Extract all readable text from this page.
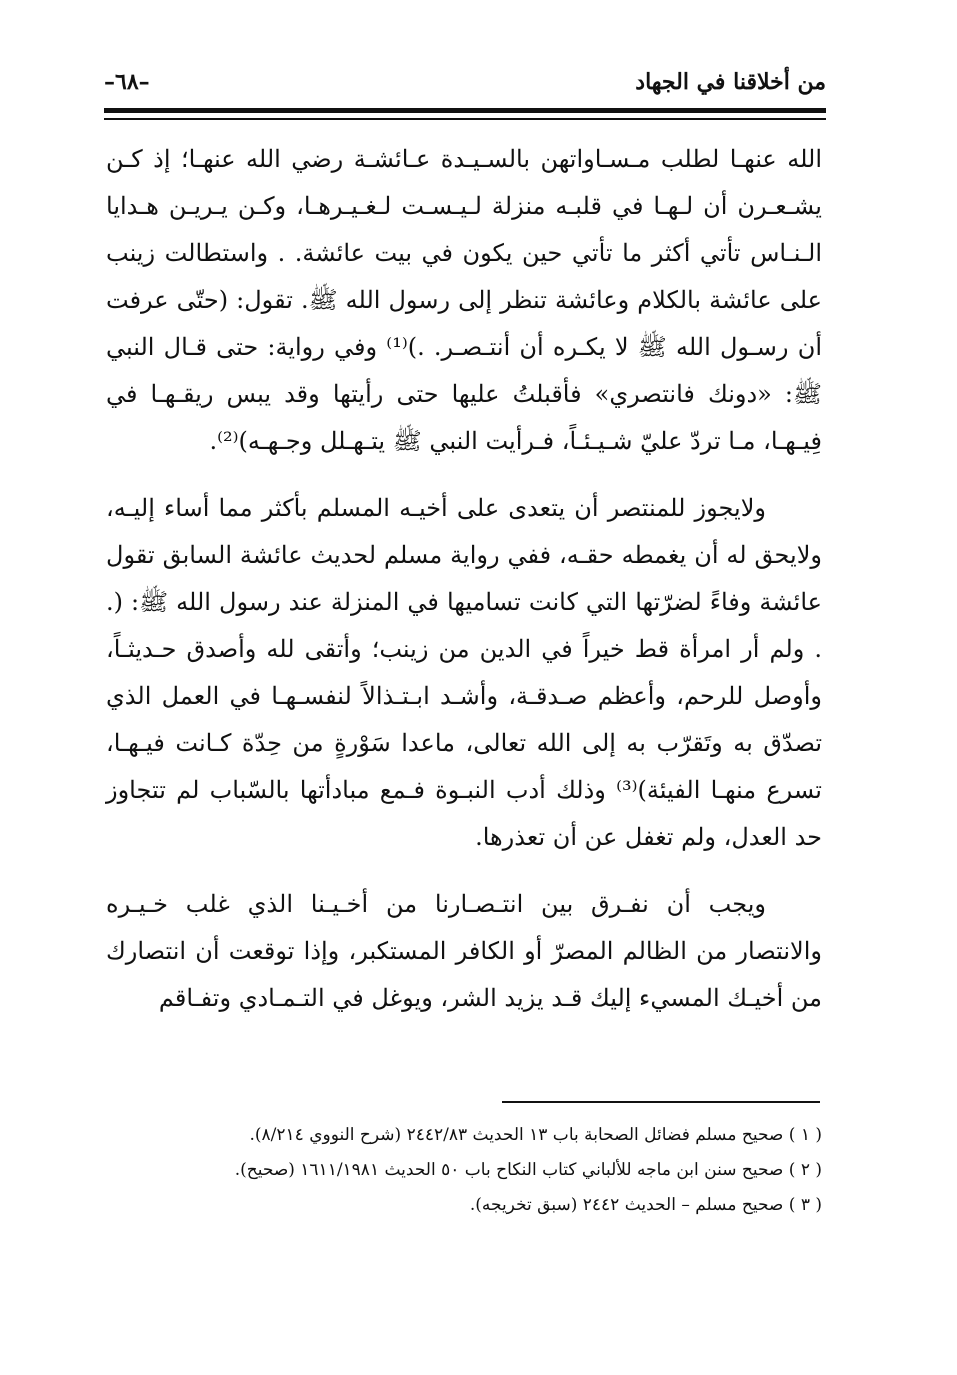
من أخلاقنا في الجهاد
–٦٨–

الله عنهـا لطلب مـسـاواتهن بالسـيـدة عـائشـة رضي الله عنهـا؛ إذ كـن يشـعـرن أن لـهـا في قلبـه منزلة لـيـسـت لـغـيـرهـا، وكـن يـريـن هـدايا الـنـاس تأتي أكثر ما تأتي حين يكون في بيت عائشة. . واستطالت زينب على عائشة بالكلام وعائشة تنظر إلى رسول الله ﷺ. تقول: (حتّى عرفت أن رسـول الله ﷺ لا يكـره أن أنتـصـر. .)⁽¹⁾ وفي رواية: حتى قـال النبي ﷺ: «دونك فانتصري» فأقبلتُ عليها حتى رأيتها وقد يبس ريقـهـا في فِيـهـا، مـا تردّ عليّ شـيـئـاً، فـرأيت النبي ﷺ يتـهـلل وجـهـه)⁽²⁾.

ولايجوز للمنتصر أن يتعدى على أخيـه المسلم بأكثر مما أساء إليـه، ولايحق له أن يغمطه حقـه، ففي رواية مسلم لحديث عائشة السابق تقول عائشة وفاءً لضرّتها التي كانت تساميها في المنزلة عند رسول الله ﷺ: (. . ولم أر امرأة قط خيراً في الدين من زينب؛ وأتقى لله وأصدق حـديثـاً، وأوصل للرحم، وأعظم صـدقـة، وأشـد ابـتـذالاً لنفسـهـا في العمل الذي تصدّق به وتَقرّب به إلى الله تعالى، ماعدا سَوْرةٍ من حِدّة كـانت فيـهـا، تسرع منهـا الفيئة)⁽³⁾ وذلك أدب النبـوة فـمع مبادأتها بالسّباب لم تتجاوز حد العدل، ولم تغفل عن أن تعذرها.

ويجب أن نفـرق بين انتـصـارنا من أخـيـنا الذي غلب خـيـره والانتصار من الظالم المصرّ أو الكافر المستكبر، وإذا توقعت أن انتصارك من أخيـك المسيء إليك قـد يزيد الشر، ويوغل في التـمـادي وتفـاقم

( ١ ) صحيح مسلم فضائل الصحابة باب ١٣ الحديث ٢٤٤٢/٨٣ (شرح النووي ٨/٢١٤).

( ٢ ) صحيح سنن ابن ماجه للألباني كتاب النكاح باب ٥٠ الحديث ١٦١١/١٩٨١ (صحيح).

( ٣ ) صحيح مسلم – الحديث ٢٤٤٢ (سبق تخريجه).
